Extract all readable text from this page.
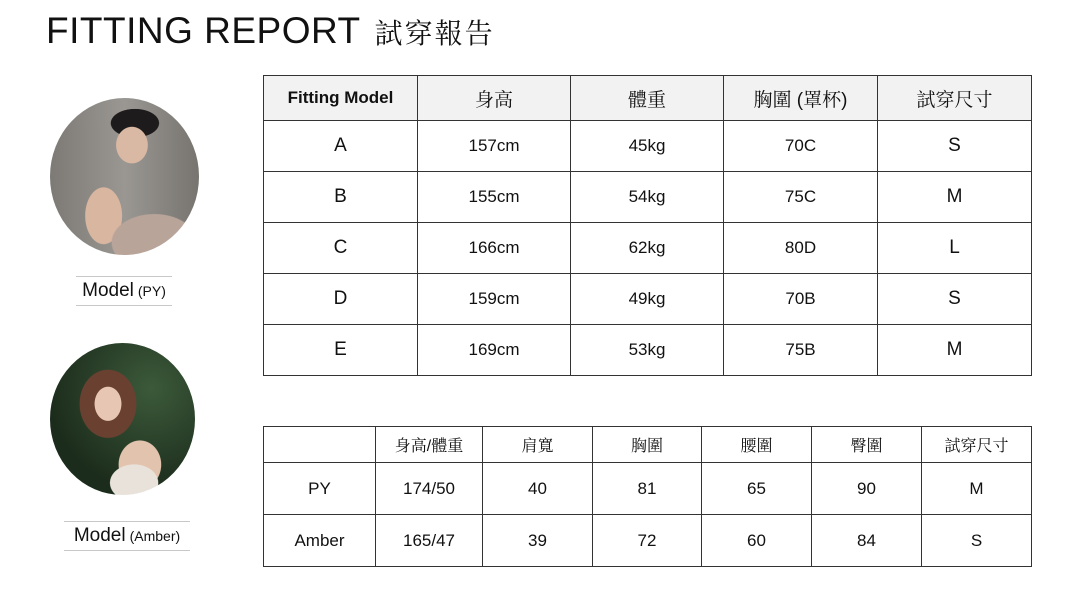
FITTING REPORT 試穿報告
Model (PY)
Model (Amber)
Fitting Model	身高	體重	胸圍 (罩杯)	試穿尺寸
A	157cm	45kg	70C	S
B	155cm	54kg	75C	M
C	166cm	62kg	80D	L
D	159cm	49kg	70B	S
E	169cm	53kg	75B	M
	身高/體重	肩寬	胸圍	腰圍	臀圍	試穿尺寸
PY	174/50	40	81	65	90	M
Amber	165/47	39	72	60	84	S
